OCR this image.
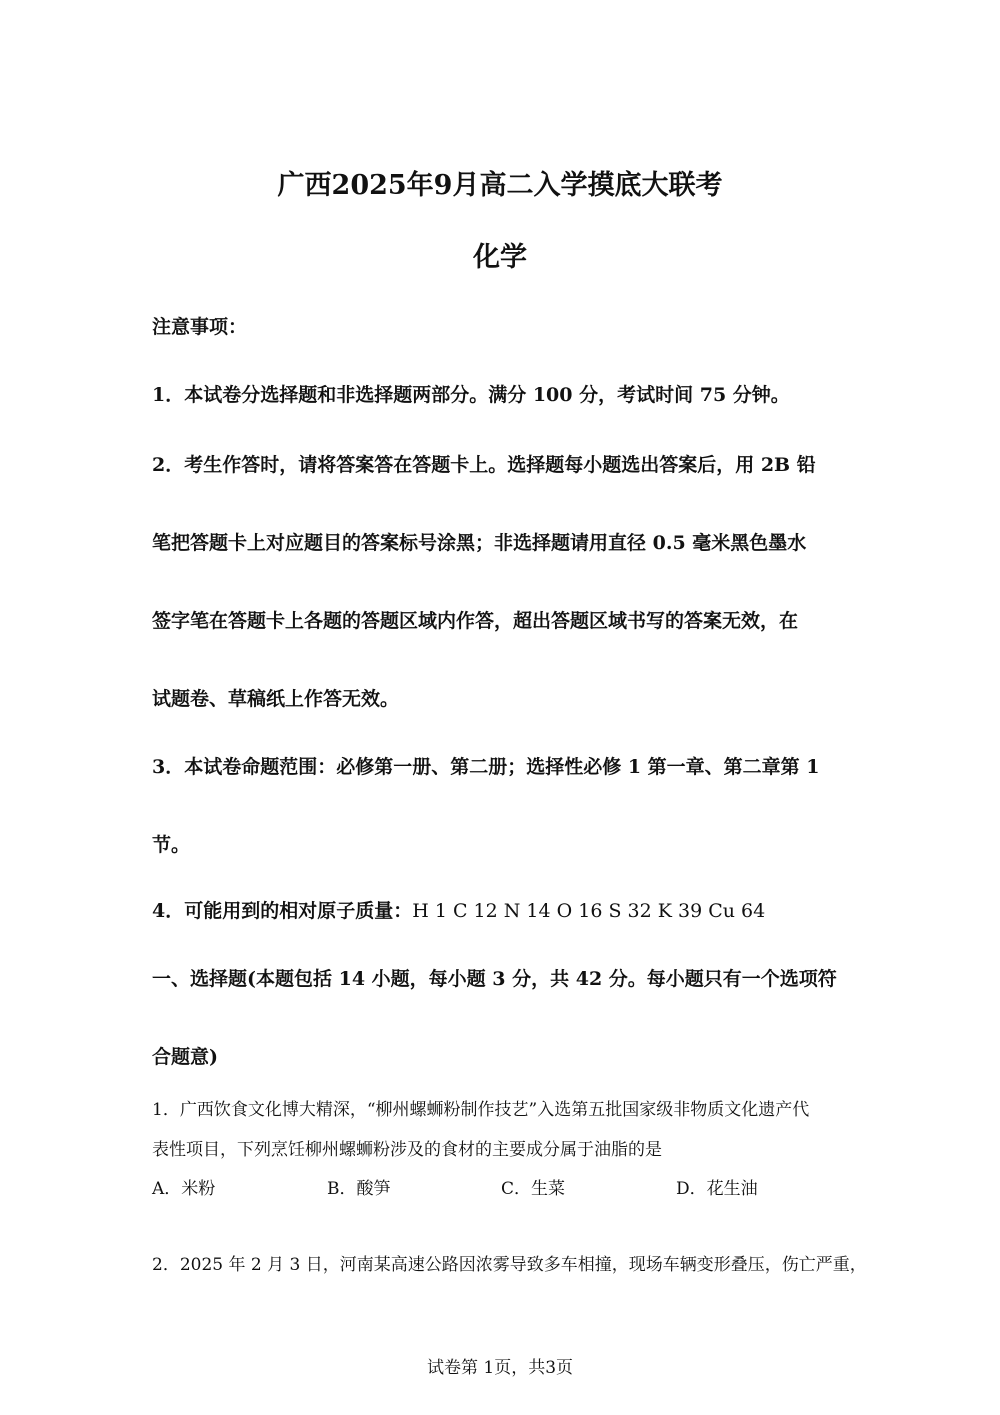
广西2025年9月高二入学摸底大联考
化学
注意事项：
1．本试卷分选择题和非选择题两部分。满分 100 分，考试时间 75 分钟。
2．考生作答时，请将答案答在答题卡上。选择题每小题选出答案后，用 2B 铅
笔把答题卡上对应题目的答案标号涂黑；非选择题请用直径 0.5 毫米黑色墨水
签字笔在答题卡上各题的答题区域内作答，超出答题区域书写的答案无效，在
试题卷、草稿纸上作答无效。
3．本试卷命题范围：必修第一册、第二册；选择性必修 1 第一章、第二章第 1
节。
4．可能用到的相对原子质量：H 1 C 12 N 14 O 16 S 32 K 39 Cu 64
一、选择题(本题包括 14 小题，每小题 3 分，共 42 分。每小题只有一个选项符
合题意)
1．广西饮食文化博大精深，“柳州螺蛳粉制作技艺”入选第五批国家级非物质文化遗产代
表性项目，下列烹饪柳州螺蛳粉涉及的食材的主要成分属于油脂的是
A．米粉	B．酸笋	C．生菜	D．花生油
2．2025 年 2 月 3 日，河南某高速公路因浓雾导致多车相撞，现场车辆变形叠压，伤亡严重，
试卷第 1页，共3页
